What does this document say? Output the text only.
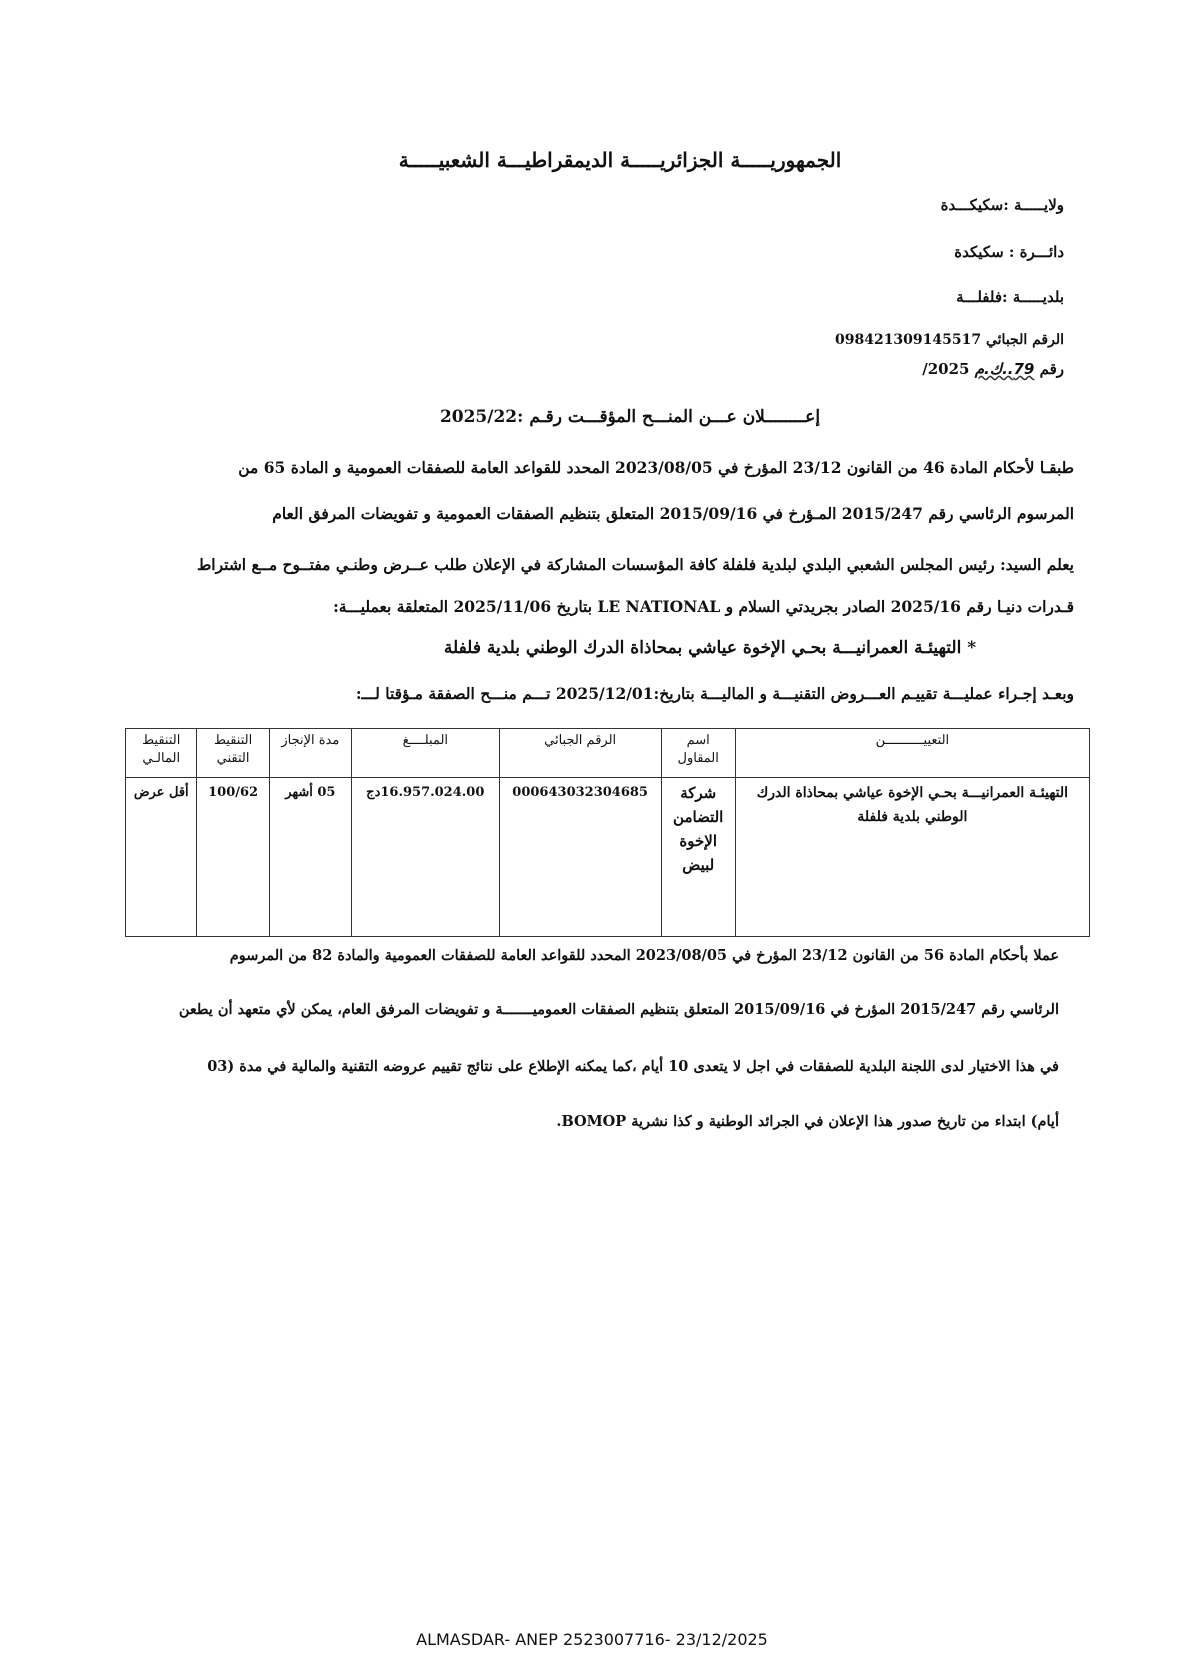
الجمهوريـــــة الجزائريـــــة الديمقراطيـــة الشعبيـــــة
ولايـــــة :سكيكـــدة
دائـــرة : سكيكدة
بلديـــــة :فلفلـــة
الرقم الجبائي 098421309145517
رقم 79..ك.م /2025
إعــــــــلان عـــن المنـــح المؤقـــت رقـم :2025/22
طبقـا لأحكام المادة 46 من القانون 23/12 المؤرخ في 2023/08/05 المحدد للقواعد العامة للصفقات العمومية و المادة 65 من
المرسوم الرئاسي رقم 2015/247 المـؤرخ في 2015/09/16 المتعلق بتنظيم الصفقات العمومية و تفويضات المرفق العام
يعلم السيد: رئيس المجلس الشعبي البلدي لبلدية فلفلة كافة المؤسسات المشاركة في الإعلان طلب عــرض وطنـي مفتــوح مــع اشتراط
قـدرات دنيـا رقم 2025/16 الصادر بجريدتي السلام و LE NATIONAL بتاريخ 2025/11/06 المتعلقة بعمليـــة:
* التهيئـة العمرانيـــة بحـي الإخوة عياشي بمحاذاة الدرك الوطني بلدية فلفلة
وبعـد إجـراء عمليـــة تقييـم العـــروض التقنيـــة و الماليـــة بتاريخ:2025/12/01 تـــم منـــح الصفقة مـؤقتا لـــ:
التعييــــــــــن	اسم المقاول	الرقم الجبائي	المبلــــغ	مدة الإنجاز	التنقيط التقني	التنقيط المالـي
التهيئـة العمرانيـــة بحـي الإخوة عياشي بمحاذاة الدرك الوطني بلدية فلفلة	شركة التضامن الإخوة لبيض	000643032304685	16.957.024.00دج	05 أشهر	100/62	أقل عرض
عملا بأحكام المادة 56 من القانون 23/12 المؤرخ في 2023/08/05 المحدد للقواعد العامة للصفقات العمومية والمادة 82 من المرسوم
الرئاسي رقم 2015/247 المؤرخ في 2015/09/16 المتعلق بتنظيم الصفقات العموميـــــــة و تفويضات المرفق العام، يمكن لأي متعهد أن يطعن
في هذا الاختيار لدى اللجنة البلدية للصفقات في اجل لا يتعدى 10 أيام ،كما يمكنه الإطلاع على نتائج تقييم عروضه التقنية والمالية في مدة (03
أيام) ابتداء من تاريخ صدور هذا الإعلان في الجرائد الوطنية و كذا نشرية BOMOP.
ALMASDAR- ANEP 2523007716- 23/12/2025
